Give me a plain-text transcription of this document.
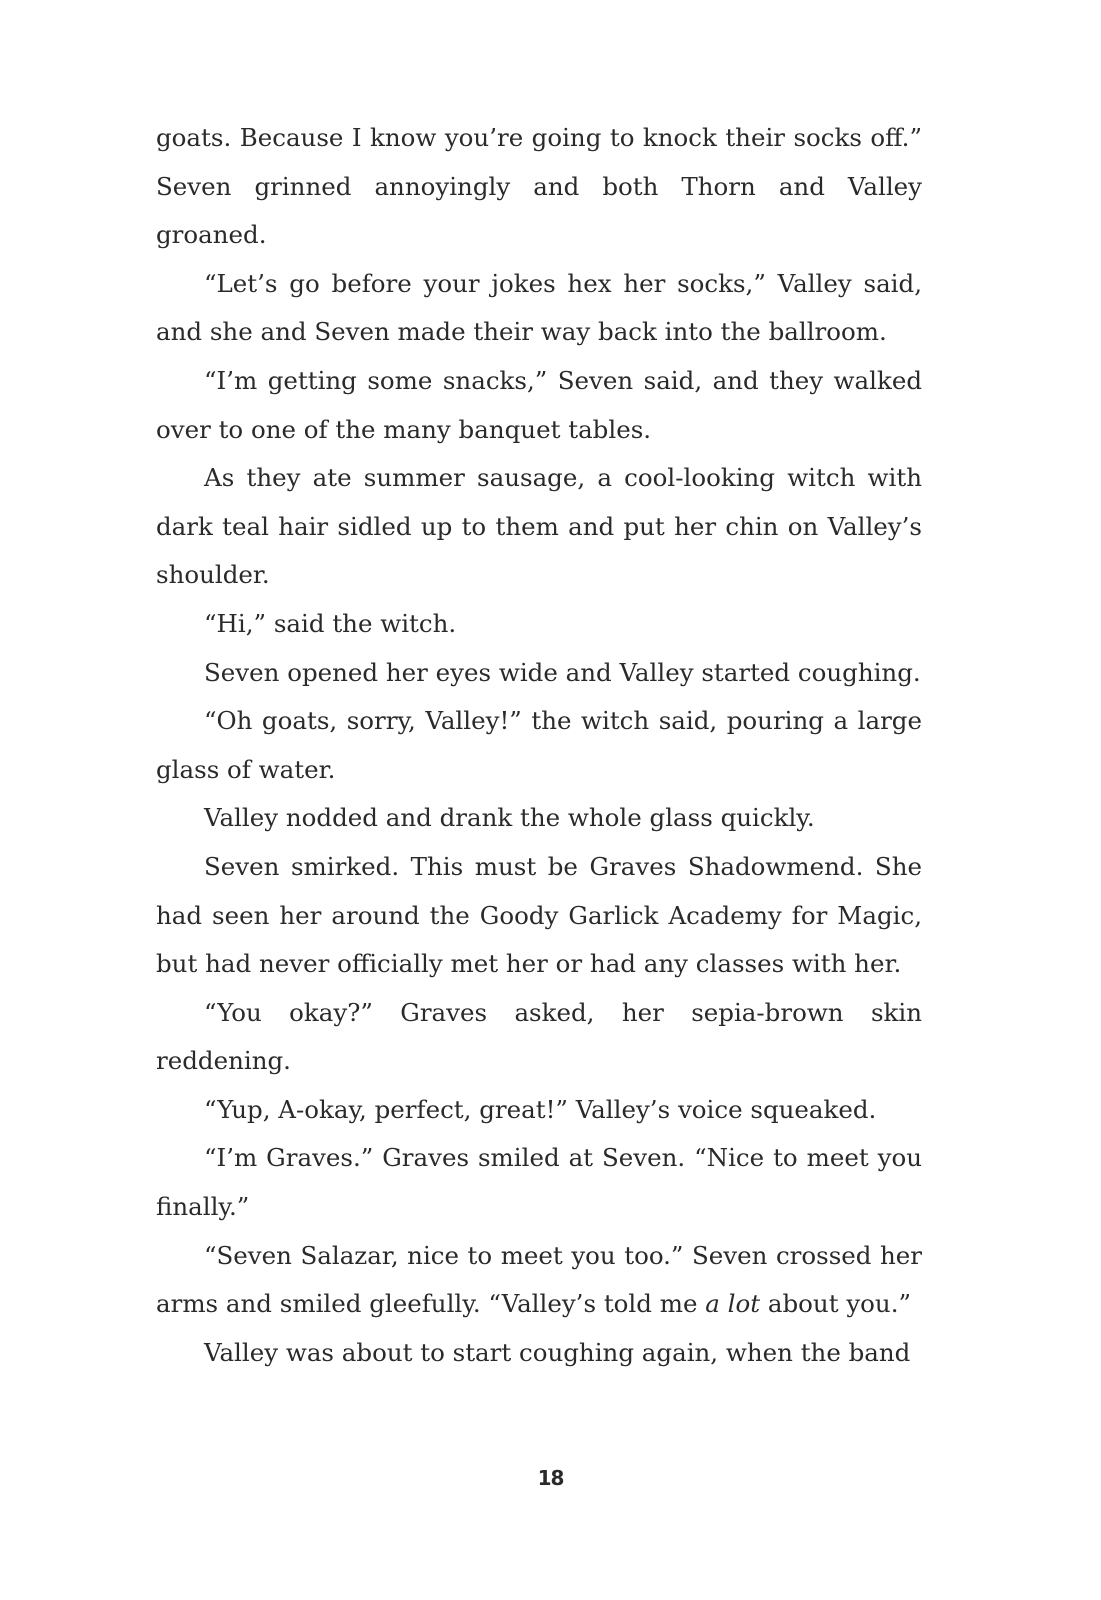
goats. Because I know you’re going to knock their socks off.” Seven grinned annoyingly and both Thorn and Valley groaned.

“Let’s go before your jokes hex her socks,” Valley said, and she and Seven made their way back into the ballroom.

“I’m getting some snacks,” Seven said, and they walked over to one of the many banquet tables.

As they ate summer sausage, a cool-looking witch with dark teal hair sidled up to them and put her chin on Valley’s shoulder.

“Hi,” said the witch.

Seven opened her eyes wide and Valley started coughing.

“Oh goats, sorry, Valley!” the witch said, pouring a large glass of water.

Valley nodded and drank the whole glass quickly.

Seven smirked. This must be Graves Shadowmend. She had seen her around the Goody Garlick Academy for Magic, but had never officially met her or had any classes with her.

“You okay?” Graves asked, her sepia-brown skin reddening.

“Yup, A-okay, perfect, great!” Valley’s voice squeaked.

“I’m Graves.” Graves smiled at Seven. “Nice to meet you finally.”

“Seven Salazar, nice to meet you too.” Seven crossed her arms and smiled gleefully. “Valley’s told me a lot about you.”

Valley was about to start coughing again, when the band

18
